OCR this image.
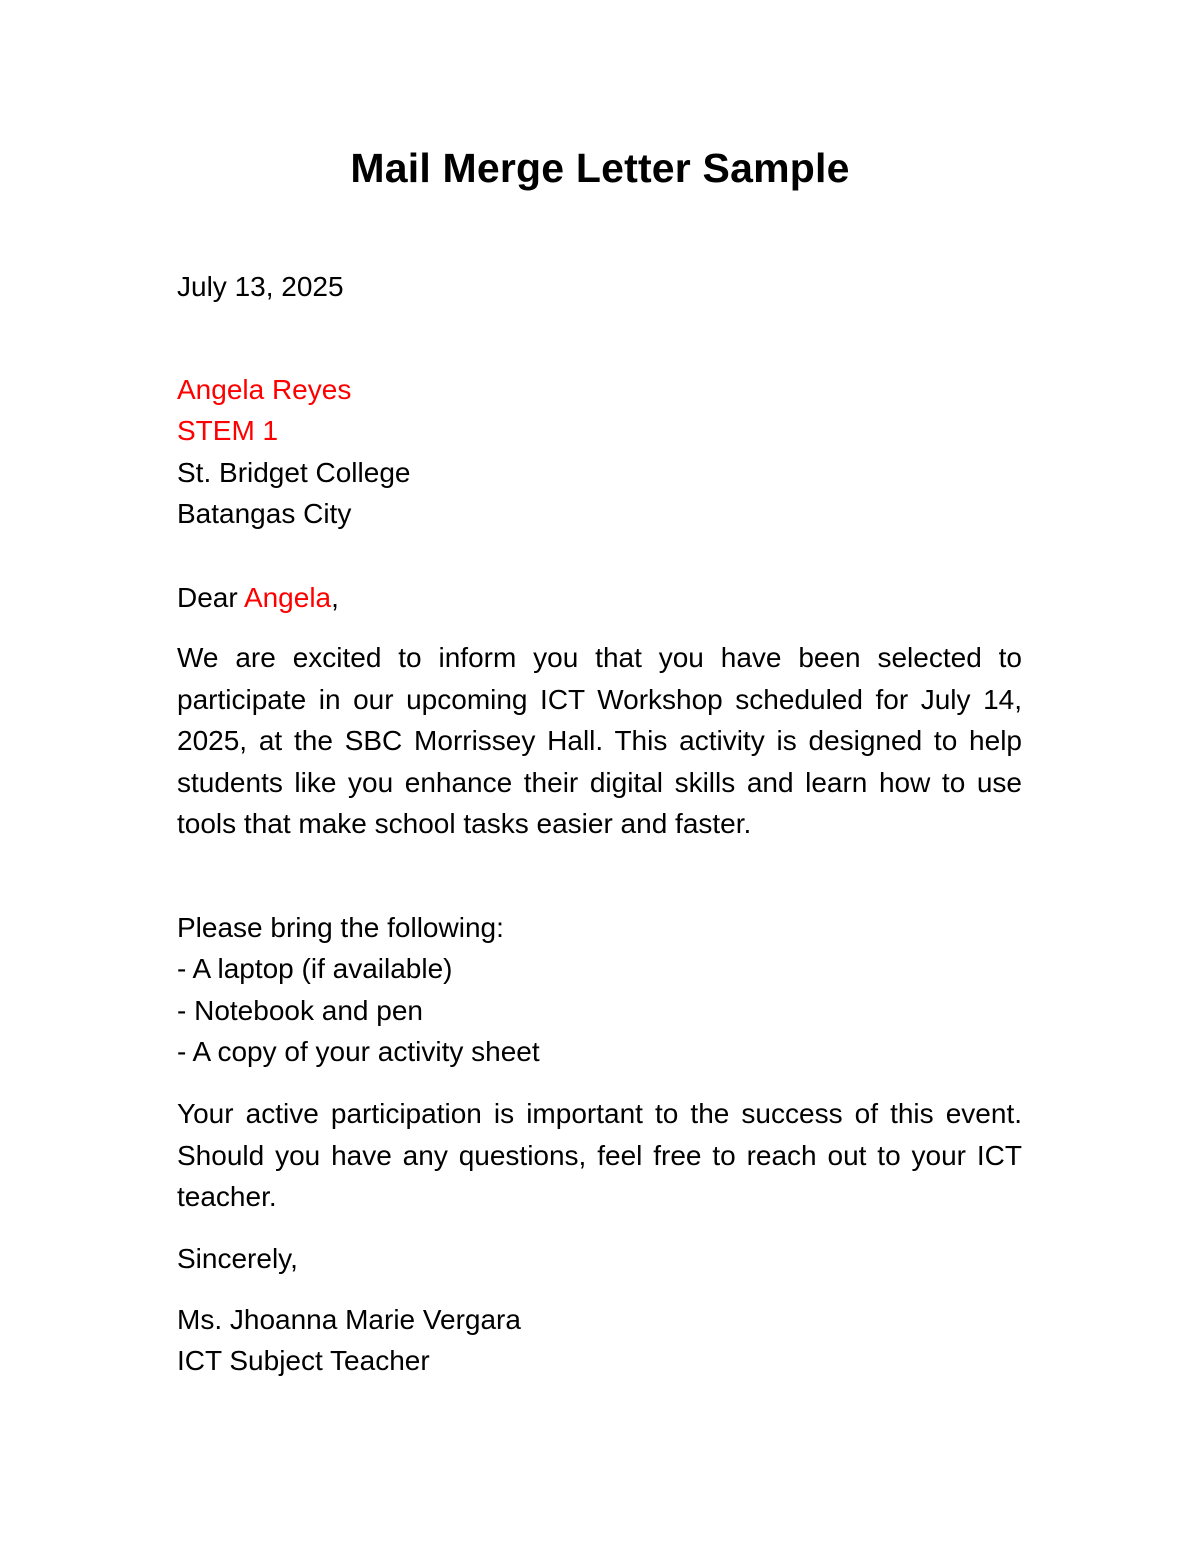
Mail Merge Letter Sample
July 13, 2025
Angela Reyes
STEM 1
St. Bridget College
Batangas City
Dear Angela,
We are excited to inform you that you have been selected to participate in our upcoming ICT Workshop scheduled for July 14, 2025, at the SBC Morrissey Hall. This activity is designed to help students like you enhance their digital skills and learn how to use tools that make school tasks easier and faster.
Please bring the following:
- A laptop (if available)
- Notebook and pen
- A copy of your activity sheet
Your active participation is important to the success of this event. Should you have any questions, feel free to reach out to your ICT teacher.
Sincerely,
Ms. Jhoanna Marie Vergara
ICT Subject Teacher
